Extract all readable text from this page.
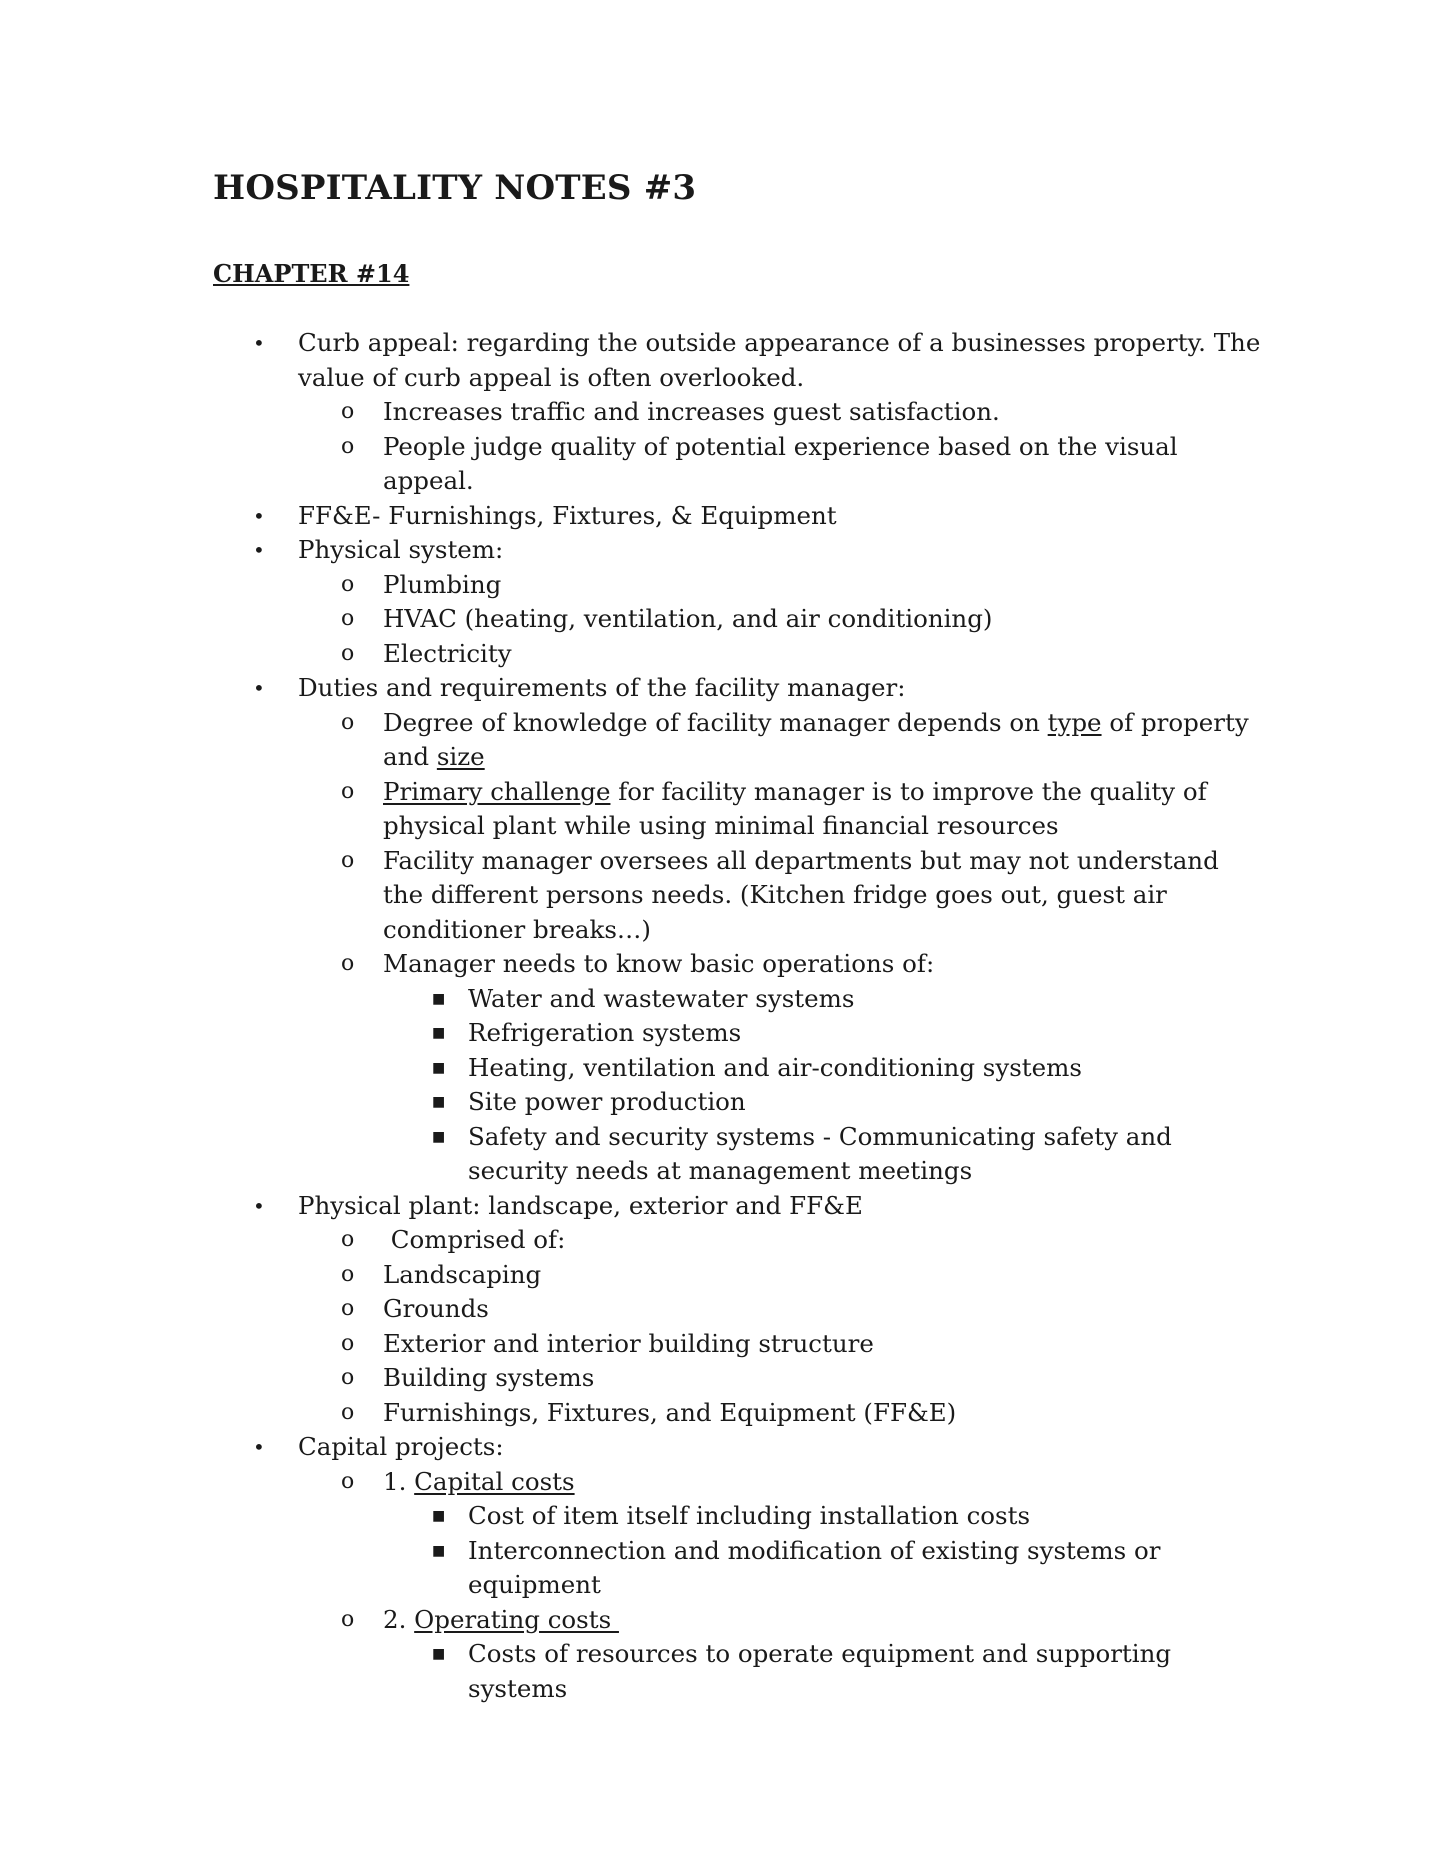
HOSPITALITY NOTES #3
CHAPTER #14
• Curb appeal: regarding the outside appearance of a businesses property. The
value of curb appeal is often overlooked.
o Increases traffic and increases guest satisfaction.
o People judge quality of potential experience based on the visual
appeal.
• FF&E- Furnishings, Fixtures, & Equipment
• Physical system:
o Plumbing
o HVAC (heating, ventilation, and air conditioning)
o Electricity
• Duties and requirements of the facility manager:
o Degree of knowledge of facility manager depends on type of property
and size
o Primary challenge for facility manager is to improve the quality of
physical plant while using minimal financial resources
o Facility manager oversees all departments but may not understand
the different persons needs. (Kitchen fridge goes out, guest air
conditioner breaks…)
o Manager needs to know basic operations of:
■ Water and wastewater systems
■ Refrigeration systems
■ Heating, ventilation and air-conditioning systems
■ Site power production
■ Safety and security systems - Communicating safety and
security needs at management meetings
• Physical plant: landscape, exterior and FF&E
o Comprised of:
o Landscaping
o Grounds
o Exterior and interior building structure
o Building systems
o Furnishings, Fixtures, and Equipment (FF&E)
• Capital projects:
o 1. Capital costs
■ Cost of item itself including installation costs
■ Interconnection and modification of existing systems or
equipment
o 2. Operating costs
■ Costs of resources to operate equipment and supporting
systems
